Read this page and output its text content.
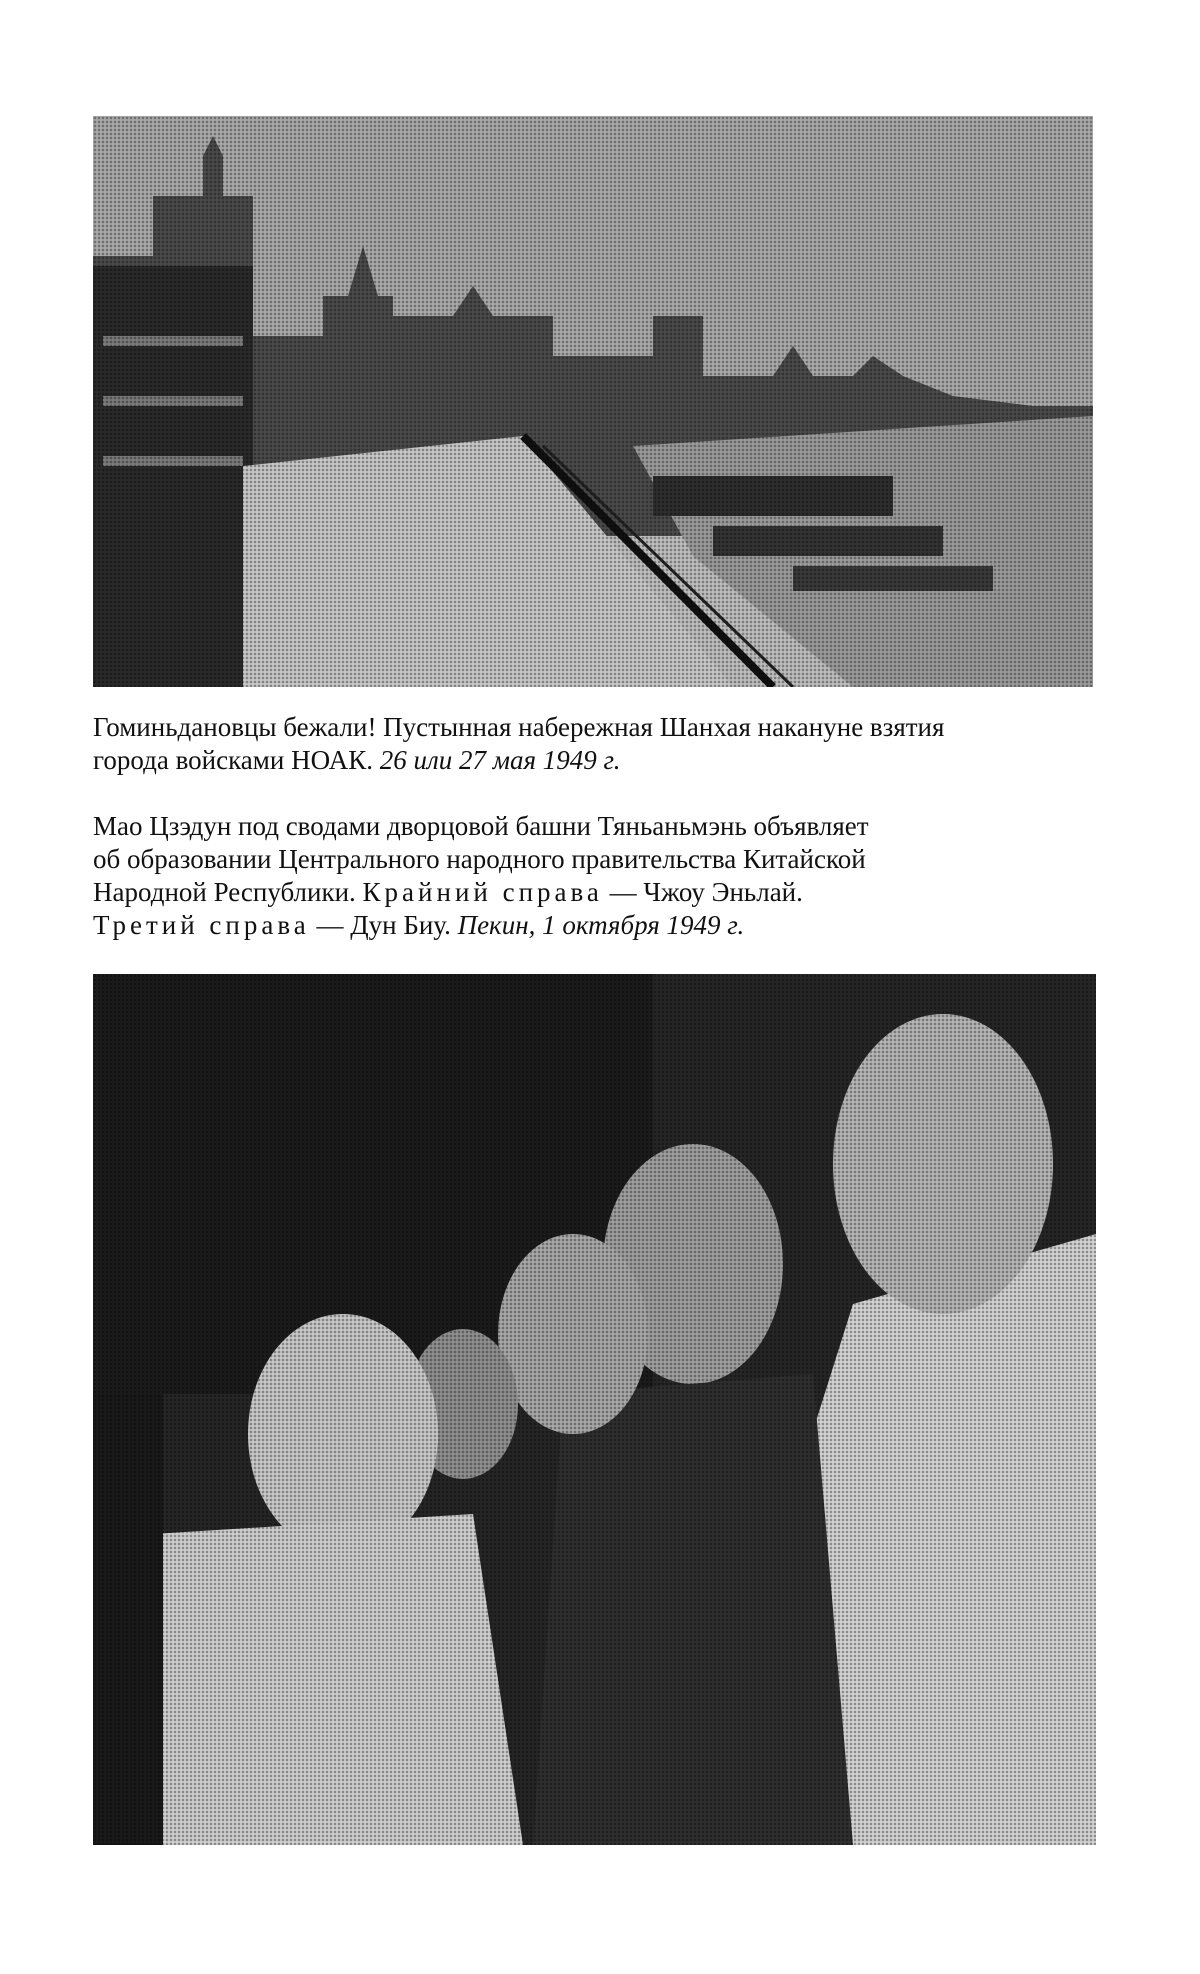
Гоминьдановцы бежали! Пустынная набережная Шанхая накануне взятия
города войсками НОАК. 26 или 27 мая 1949 г.

Мао Цзэдун под сводами дворцовой башни Тяньаньмэнь объявляет
об образовании Центрального народного правительства Китайской
Народной Республики. Крайний справа — Чжоу Эньлай.
Третий справа — Дун Биу. Пекин, 1 октября 1949 г.
